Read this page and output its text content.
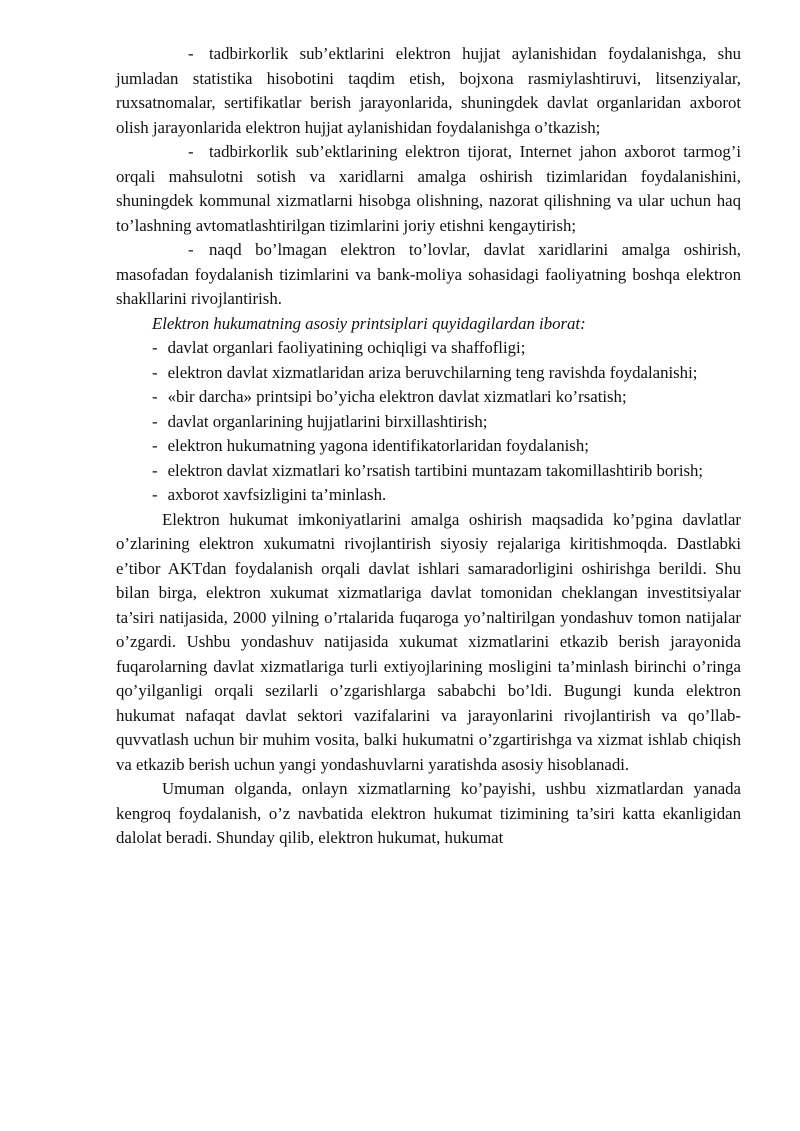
- tadbirkorlik sub’ektlarini elektron hujjat aylanishidan foydalanishga, shu jumladan statistika hisobotini taqdim etish, bojxona rasmiylashtiruvi, litsenziyalar, ruxsatnomalar, sertifikatlar berish jarayonlarida, shuningdek davlat organlaridan axborot olish jarayonlarida elektron hujjat aylanishidan foydalanishga o’tkazish;

- tadbirkorlik sub’ektlarining elektron tijorat, Internet jahon axborot tarmog’i orqali mahsulotni sotish va xaridlarni amalga oshirish tizimlaridan foydalanishini, shuningdek kommunal xizmatlarni hisobga olishning, nazorat qilishning va ular uchun haq to’lashning avtomatlashtirilgan tizimlarini joriy etishni kengaytirish;

- naqd bo’lmagan elektron to’lovlar, davlat xaridlarini amalga oshirish, masofadan foydalanish tizimlarini va bank-moliya sohasidagi faoliyatning boshqa elektron shakllarini rivojlantirish.

Elektron hukumatning asosiy printsiplari quyidagilardan iborat:

- davlat organlari faoliyatining ochiqligi va shaffofligi;

- elektron davlat xizmatlaridan ariza beruvchilarning teng ravishda foydalanishi;

- «bir darcha» printsipi bo’yicha elektron davlat xizmatlari ko’rsatish;

- davlat organlarining hujjatlarini birxillashtirish;

- elektron hukumatning yagona identifikatorlaridan foydalanish;

- elektron davlat xizmatlari ko’rsatish tartibini muntazam takomillashtirib borish;

- axborot xavfsizligini ta’minlash.

Elektron hukumat imkoniyatlarini amalga oshirish maqsadida ko’pgina davlatlar o’zlarining elektron xukumatni rivojlantirish siyosiy rejalariga kiritishmoqda. Dastlabki e’tibor AKTdan foydalanish orqali davlat ishlari samaradorligini oshirishga berildi. Shu bilan birga, elektron xukumat xizmatlariga davlat tomonidan cheklangan investitsiyalar ta’siri natijasida, 2000 yilning o’rtalarida fuqaroga yo’naltirilgan yondashuv tomon natijalar o’zgardi. Ushbu yondashuv natijasida xukumat xizmatlarini etkazib berish jarayonida fuqarolarning davlat xizmatlariga turli extiyojlarining mosligini ta’minlash birinchi o’ringa qo’yilganligi orqali sezilarli o’zgarishlarga sababchi bo’ldi. Bugungi kunda elektron hukumat nafaqat davlat sektori vazifalarini va jarayonlarini rivojlantirish va qo’llab-quvvatlash uchun bir muhim vosita, balki hukumatni o’zgartirishga va xizmat ishlab chiqish va etkazib berish uchun yangi yondashuvlarni yaratishda asosiy hisoblanadi.

Umuman olganda, onlayn xizmatlarning ko’payishi, ushbu xizmatlardan yanada kengroq foydalanish, o’z navbatida elektron hukumat tizimining ta’siri katta ekanligidan dalolat beradi. Shunday qilib, elektron hukumat, hukumat
